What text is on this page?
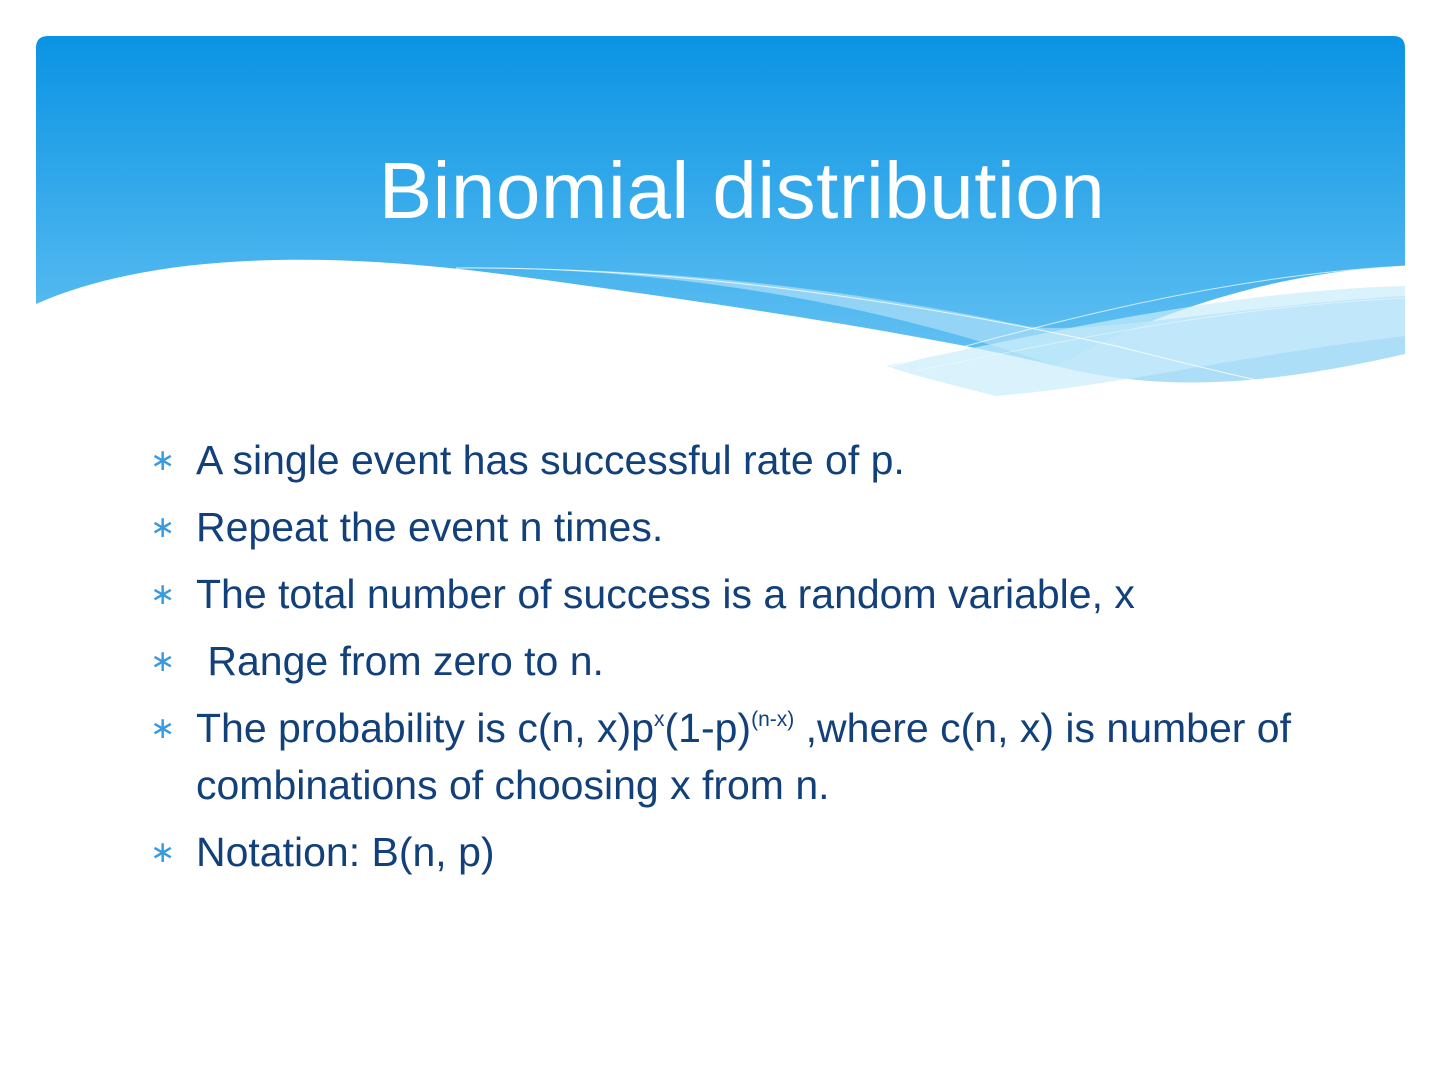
Binomial distribution
∗ A single event has successful rate of p.
∗ Repeat the event n times.
∗ The total number of success is a random variable, x
∗ Range from zero to n.
∗ The probability is c(n, $x)p^x(1-p)^{(n-x)}$ ,where c(n, x) is number of combinations of choosing x from n.
∗ Notation: B(n, p)
